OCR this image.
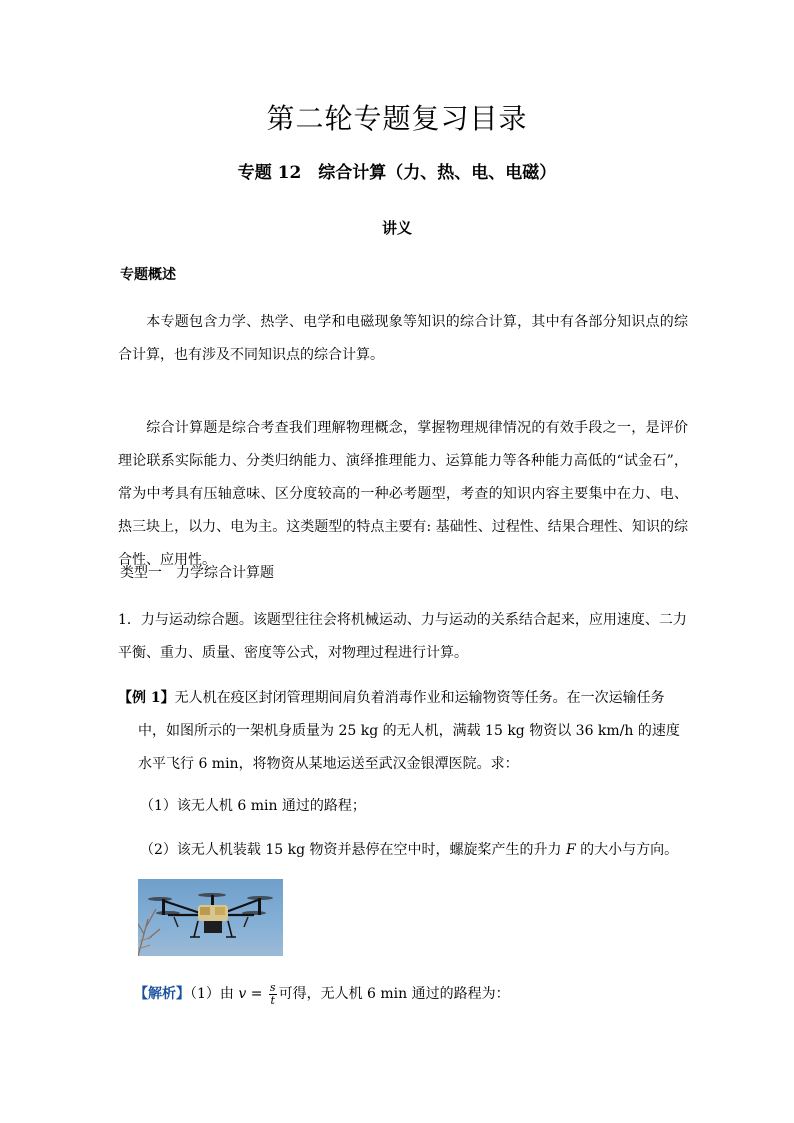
第二轮专题复习目录
专题 12　综合计算（力、热、电、电磁）
讲义
专题概述
本专题包含力学、热学、电学和电磁现象等知识的综合计算，其中有各部分知识点的综合计算，也有涉及不同知识点的综合计算。
综合计算题是综合考查我们理解物理概念，掌握物理规律情况的有效手段之一，是评价理论联系实际能力、分类归纳能力、演绎推理能力、运算能力等各种能力高低的“试金石”，常为中考具有压轴意味、区分度较高的一种必考题型，考查的知识内容主要集中在力、电、热三块上，以力、电为主。这类题型的特点主要有: 基础性、过程性、结果合理性、知识的综合性、应用性。
类型一　力学综合计算题
1．力与运动综合题。该题型往往会将机械运动、力与运动的关系结合起来，应用速度、二力平衡、重力、质量、密度等公式，对物理过程进行计算。
【例 1】无人机在疫区封闭管理期间肩负着消毒作业和运输物资等任务。在一次运输任务中，如图所示的一架机身质量为 25 kg 的无人机，满载 15 kg 物资以 36 km/h 的速度水平飞行 6 min，将物资从某地运送至武汉金银潭医院。求：
（1）该无人机 6 min 通过的路程；
（2）该无人机装载 15 kg 物资并悬停在空中时，螺旋桨产生的升力 F 的大小与方向。
【解析】（1）由 $v = \frac{s}{t}$ 可得，无人机 6 min 通过的路程为：
